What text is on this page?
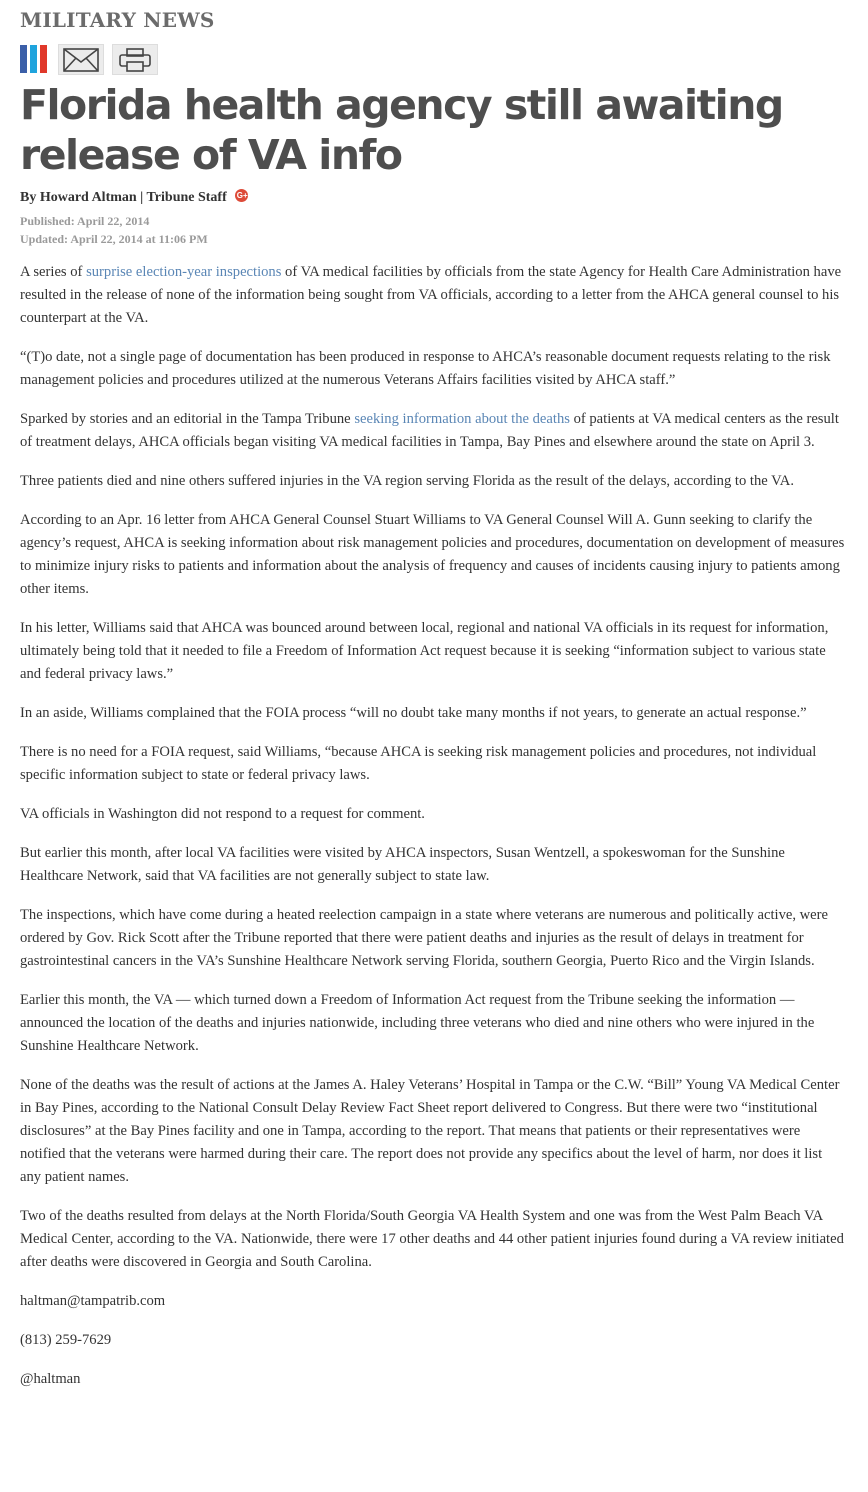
MILITARY NEWS
Florida health agency still awaiting release of VA info
By Howard Altman | Tribune Staff G+
Published: April 22, 2014
Updated: April 22, 2014 at 11:06 PM

A series of surprise election-year inspections of VA medical facilities by officials from the state Agency for Health Care Administration have resulted in the release of none of the information being sought from VA officials, according to a letter from the AHCA general counsel to his counterpart at the VA.

“(T)o date, not a single page of documentation has been produced in response to AHCA’s reasonable document requests relating to the risk management policies and procedures utilized at the numerous Veterans Affairs facilities visited by AHCA staff.”

Sparked by stories and an editorial in the Tampa Tribune seeking information about the deaths of patients at VA medical centers as the result of treatment delays, AHCA officials began visiting VA medical facilities in Tampa, Bay Pines and elsewhere around the state on April 3.

Three patients died and nine others suffered injuries in the VA region serving Florida as the result of the delays, according to the VA.

According to an Apr. 16 letter from AHCA General Counsel Stuart Williams to VA General Counsel Will A. Gunn seeking to clarify the agency’s request, AHCA is seeking information about risk management policies and procedures, documentation on development of measures to minimize injury risks to patients and information about the analysis of frequency and causes of incidents causing injury to patients among other items.

In his letter, Williams said that AHCA was bounced around between local, regional and national VA officials in its request for information, ultimately being told that it needed to file a Freedom of Information Act request because it is seeking “information subject to various state and federal privacy laws.”

In an aside, Williams complained that the FOIA process “will no doubt take many months if not years, to generate an actual response.”

There is no need for a FOIA request, said Williams, “because AHCA is seeking risk management policies and procedures, not individual specific information subject to state or federal privacy laws.

VA officials in Washington did not respond to a request for comment.

But earlier this month, after local VA facilities were visited by AHCA inspectors, Susan Wentzell, a spokeswoman for the Sunshine Healthcare Network, said that VA facilities are not generally subject to state law.

The inspections, which have come during a heated reelection campaign in a state where veterans are numerous and politically active, were ordered by Gov. Rick Scott after the Tribune reported that there were patient deaths and injuries as the result of delays in treatment for gastrointestinal cancers in the VA’s Sunshine Healthcare Network serving Florida, southern Georgia, Puerto Rico and the Virgin Islands.

Earlier this month, the VA — which turned down a Freedom of Information Act request from the Tribune seeking the information — announced the location of the deaths and injuries nationwide, including three veterans who died and nine others who were injured in the Sunshine Healthcare Network.

None of the deaths was the result of actions at the James A. Haley Veterans’ Hospital in Tampa or the C.W. “Bill” Young VA Medical Center in Bay Pines, according to the National Consult Delay Review Fact Sheet report delivered to Congress. But there were two “institutional disclosures” at the Bay Pines facility and one in Tampa, according to the report. That means that patients or their representatives were notified that the veterans were harmed during their care. The report does not provide any specifics about the level of harm, nor does it list any patient names.

Two of the deaths resulted from delays at the North Florida/South Georgia VA Health System and one was from the West Palm Beach VA Medical Center, according to the VA. Nationwide, there were 17 other deaths and 44 other patient injuries found during a VA review initiated after deaths were discovered in Georgia and South Carolina.

haltman@tampatrib.com

(813) 259-7629

@haltman
